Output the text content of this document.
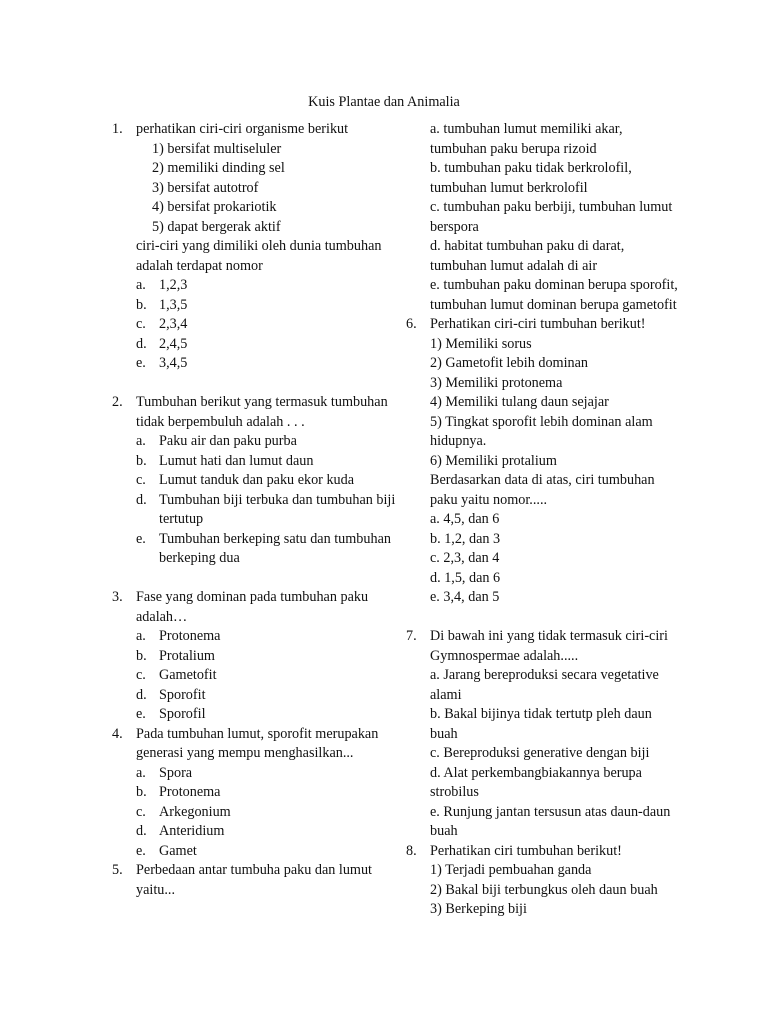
Kuis Plantae dan Animalia
1. perhatikan ciri-ciri organisme berikut
1) bersifat multiseluler
2) memiliki dinding sel
3) bersifat autotrof
4) bersifat prokariotik
5) dapat bergerak aktif
ciri-ciri yang dimiliki oleh dunia tumbuhan adalah terdapat nomor
a. 1,2,3
b. 1,3,5
c. 2,3,4
d. 2,4,5
e. 3,4,5
2. Tumbuhan berikut yang termasuk tumbuhan tidak berpembuluh adalah . . .
a. Paku air dan paku purba
b. Lumut hati dan lumut daun
c. Lumut tanduk dan paku ekor kuda
d. Tumbuhan biji terbuka dan tumbuhan biji tertutup
e. Tumbuhan berkeping satu dan tumbuhan berkeping dua
3. Fase yang dominan pada tumbuhan paku adalah…
a. Protonema
b. Protalium
c. Gametofit
d. Sporofit
e. Sporofil
4. Pada tumbuhan lumut, sporofit merupakan generasi yang mempu menghasilkan...
a. Spora
b. Protonema
c. Arkegonium
d. Anteridium
e. Gamet
5. Perbedaan antar tumbuha paku dan lumut yaitu...
a. tumbuhan lumut memiliki akar, tumbuhan paku berupa rizoid
b. tumbuhan paku tidak berkrolofil, tumbuhan lumut berkrolofil
c. tumbuhan paku berbiji, tumbuhan lumut berspora
d. habitat tumbuhan paku di darat, tumbuhan lumut adalah di air
e. tumbuhan paku dominan berupa sporofit, tumbuhan lumut dominan berupa gametofit
6. Perhatikan ciri-ciri tumbuhan berikut!
1) Memiliki sorus
2) Gametofit lebih dominan
3) Memiliki protonema
4) Memiliki tulang daun sejajar
5) Tingkat sporofit lebih dominan alam hidupnya.
6) Memiliki protalium
Berdasarkan data di atas, ciri tumbuhan paku yaitu nomor.....
a. 4,5, dan 6
b. 1,2, dan 3
c. 2,3, dan 4
d. 1,5, dan 6
e. 3,4, dan 5
7. Di bawah ini yang tidak termasuk ciri-ciri Gymnospermae adalah.....
a. Jarang bereproduksi secara vegetative alami
b. Bakal bijinya tidak tertutp pleh daun buah
c. Bereproduksi generative dengan biji
d. Alat perkembangbiakannya berupa strobilus
e. Runjung jantan tersusun atas daun-daun buah
8. Perhatikan ciri tumbuhan berikut!
1) Terjadi pembuahan ganda
2) Bakal biji terbungkus oleh daun buah
3) Berkeping biji
